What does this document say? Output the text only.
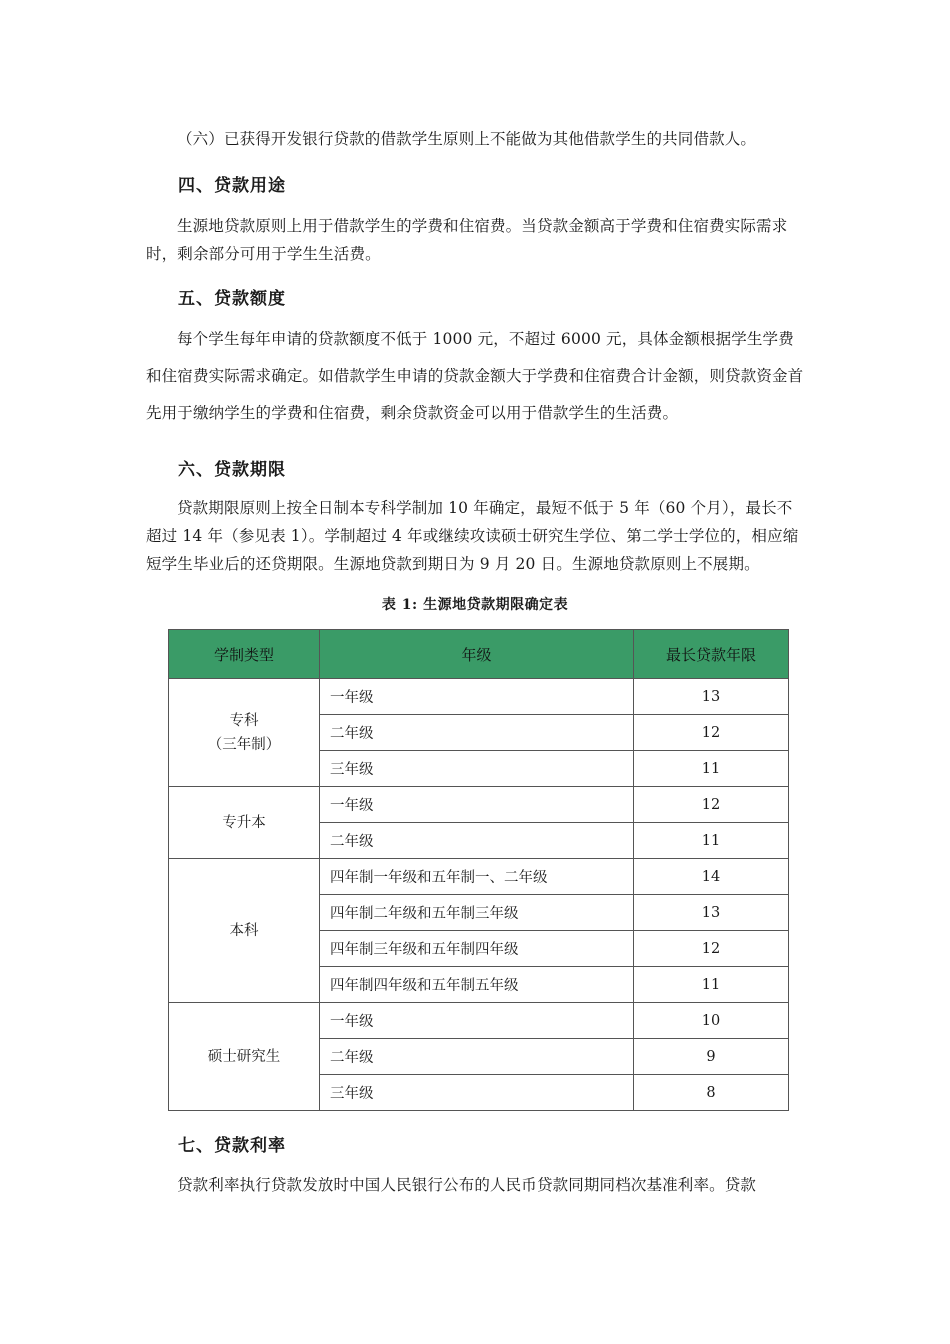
（六）已获得开发银行贷款的借款学生原则上不能做为其他借款学生的共同借款人。

四、贷款用途

生源地贷款原则上用于借款学生的学费和住宿费。当贷款金额高于学费和住宿费实际需求时，剩余部分可用于学生生活费。

五、贷款额度

每个学生每年申请的贷款额度不低于 1000 元，不超过 6000 元，具体金额根据学生学费和住宿费实际需求确定。如借款学生申请的贷款金额大于学费和住宿费合计金额，则贷款资金首先用于缴纳学生的学费和住宿费，剩余贷款资金可以用于借款学生的生活费。

六、贷款期限

贷款期限原则上按全日制本专科学制加 10 年确定，最短不低于 5 年（60 个月），最长不超过 14 年（参见表 1）。学制超过 4 年或继续攻读硕士研究生学位、第二学士学位的，相应缩短学生毕业后的还贷期限。生源地贷款到期日为 9 月 20 日。生源地贷款原则上不展期。

表 1: 生源地贷款期限确定表
学制类型	年级	最长贷款年限

专科
（三年制）	一年级	13
	二年级	12
	三年级	11

专升本	一年级	12
	二年级	11

本科	四年制一年级和五年制一、二年级	14
	四年制二年级和五年制三年级	13
	四年制三年级和五年制四年级	12
	四年制四年级和五年制五年级	11

硕士研究生	一年级	10
	二年级	9
	三年级	8
七、贷款利率

贷款利率执行贷款发放时中国人民银行公布的人民币贷款同期同档次基准利率。贷款
